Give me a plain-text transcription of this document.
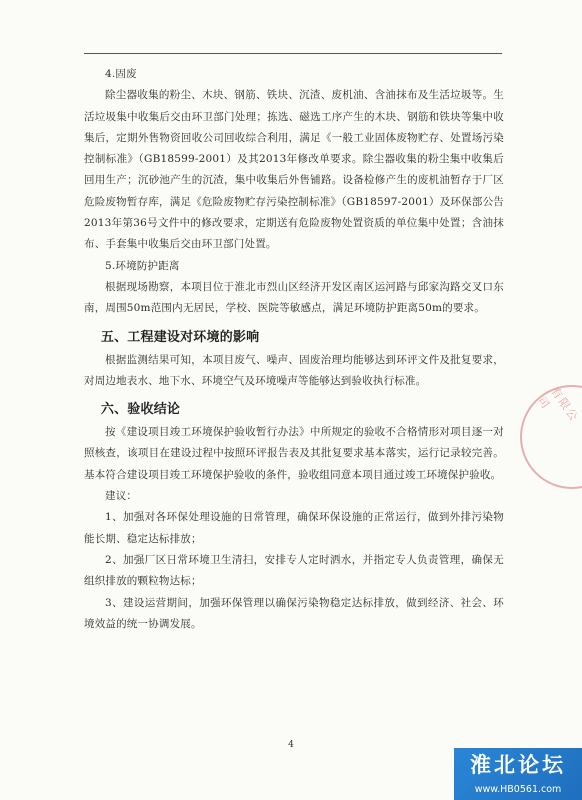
4.固废

除尘器收集的粉尘、木块、钢筋、铁块、沉渣、废机油、含油抹布及生活垃圾等。生活垃圾集中收集后交由环卫部门处理；拣选、磁选工序产生的木块、钢筋和铁块等集中收集后，定期外售物资回收公司回收综合利用，满足《一般工业固体废物贮存、处置场污染控制标准》（GB18599-2001）及其2013年修改单要求。除尘器收集的粉尘集中收集后回用生产；沉砂池产生的沉渣，集中收集后外售铺路。设备检修产生的废机油暂存于厂区危险废物暂存库，满足《危险废物贮存污染控制标准》（GB18597-2001）及环保部公告2013年第36号文件中的修改要求，定期送有危险废物处置资质的单位集中处置；含油抹布、手套集中收集后交由环卫部门处置。

5.环境防护距离

根据现场勘察，本项目位于淮北市烈山区经济开发区南区运河路与邱家沟路交叉口东南，周围50m范围内无居民，学校、医院等敏感点，满足环境防护距离50m的要求。

五、工程建设对环境的影响

根据监测结果可知，本项目废气、噪声、固废治理均能够达到环评文件及批复要求，对周边地表水、地下水、环境空气及环境噪声等能够达到验收执行标准。

六、验收结论

按《建设项目竣工环境保护验收暂行办法》中所规定的验收不合格情形对项目逐一对照核查，该项目在建设过程中按照环评报告表及其批复要求基本落实，运行记录较完善。基本符合建设项目竣工环境保护验收的条件，验收组同意本项目通过竣工环境保护验收。

建议：

1、加强对各环保处理设施的日常管理，确保环保设施的正常运行，做到外排污染物能长期、稳定达标排放；

2、加强厂区日常环境卫生清扫，安排专人定时洒水，并指定专人负责管理，确保无组织排放的颗粒物达标；

3、建设运营期间，加强环保管理以确保污染物稳定达标排放，做到经济、社会、环境效益的统一协调发展。

4
有限公司
淮北论坛
www.HB0561.com
